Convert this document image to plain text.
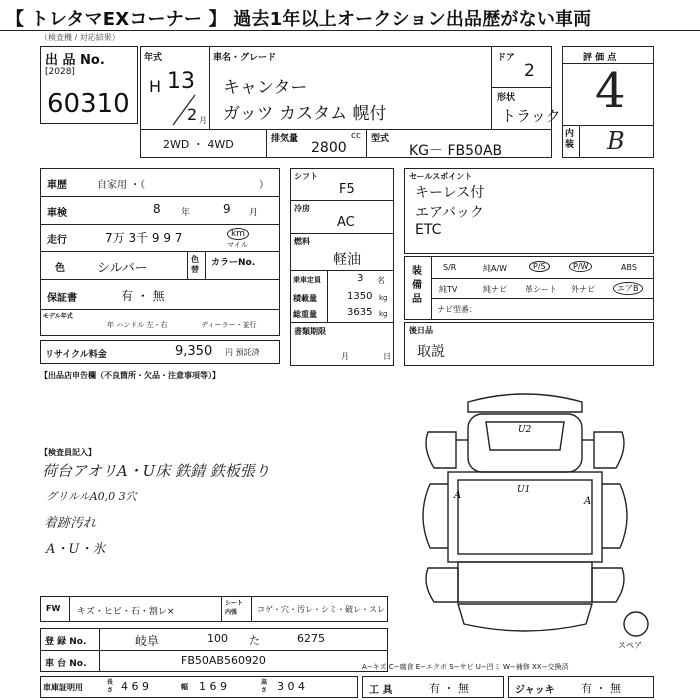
【 トレタマEXコーナー 】 過去1年以上オークション出品歴がない車両
（検査機 / 対応結果）
出 品 No.
[2028]
60310
年式
H 13
2 月
車名・グレード
キャンター
ガッツ カスタム 幌付
ドア
2
形状
トラック
2WD ・ 4WD	排気量	cc
2800
型式
KG－ FB50AB
評 価 点
4
内装 B
車歴	自家用 ・（	）
車検	8 年	9 月
走行	7万 3千 9 9 7	km
マイル
色 シルバー
色替
カラーNo.
保証書	有 ・ 無
モデル年式
年 ハンドル 左・右	ディーラー・並行
リサイクル料金	9,350 円 預託済
シフト
F5
冷房
AC
燃料
軽油
乗車定員	3 名
積載量	1350 kg
総重量	3635 kg
書類期限
月	日
セールスポイント
キーレス付
エアバック
ETC
装備品
S/R	純A/W	P/S	P/W	ABS
純TV	純ナビ 革シート 外ナビ	エアB
ナビ型番：
後日品
取説
【出品店申告欄（不良箇所・欠品・注意事項等）】
【検査員記入】
荷台アオリA・U床 鉄錆 鉄板張り
グリルルA0,0 3穴
着跡汚れ
A・U・氷
U2
U1
A
A
スペア
FW キズ・ヒビ・石・割レ×
シート内張	コゲ・穴・汚レ・シミ・破レ・スレ
登 録 No.	岐阜	100 た	6275
車 台 No.	FB50AB560920	A−キズ C−腐食 E−エクボ S−サビ U−凹ミ W−補修 XX−交換済
車庫証明用
長さ 4 6 9	幅 1 6 9	高さ 3 0 4	工 具	有 ・ 無	ジャッキ 有 ・ 無
